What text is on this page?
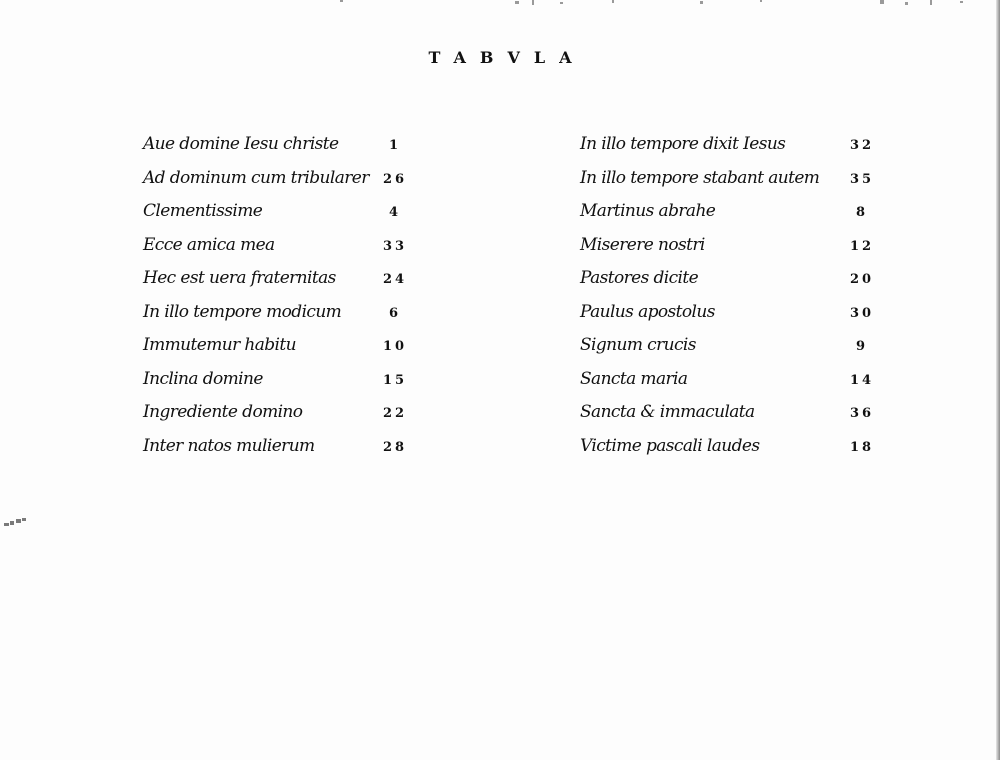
TABVLA
Aue domine Iesu christe	1
Ad dominum cum tribularer	26
Clementissime	4
Ecce amica mea	33
Hec est uera fraternitas	24
In illo tempore modicum	6
Immutemur habitu	10
Inclina domine	15
Ingrediente domino	22
Inter natos mulierum	28
In illo tempore dixit Iesus	32
In illo tempore stabant autem	35
Martinus abrahe	8
Miserere nostri	12
Pastores dicite	20
Paulus apostolus	30
Signum crucis	9
Sancta maria	14
Sancta & immaculata	36
Victime pascali laudes	18
